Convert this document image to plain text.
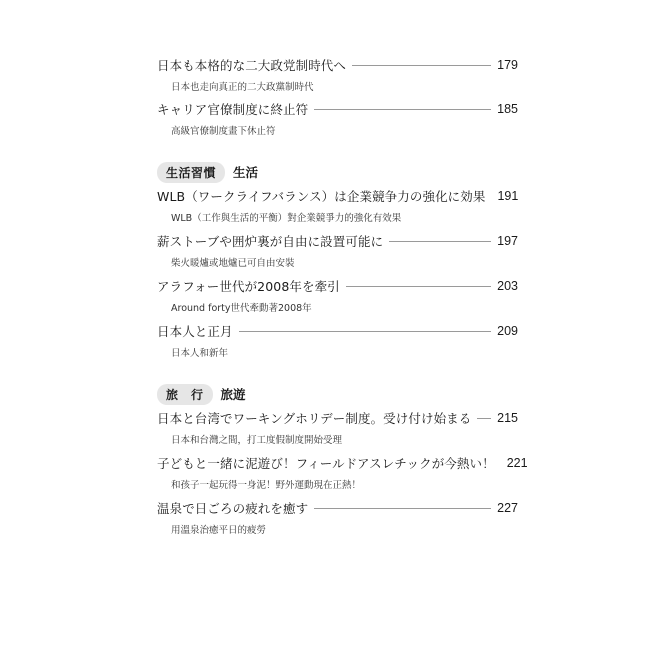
日本も本格的な二大政党制時代へ	179
日本也走向真正的二大政黨制時代
キャリア官僚制度に終止符	185
高級官僚制度畫下休止符
生活習慣	生活
WLB（ワークライフバランス）は企業競争力の強化に効果 191
WLB（工作與生活的平衡）對企業競爭力的強化有效果
薪ストーブや囲炉裏が自由に設置可能に	197
柴火暖爐或地爐已可自由安裝
アラフォー世代が2008年を牽引	203
Around forty世代牽動著2008年
日本人と正月	209
日本人和新年
旅　行	旅遊
日本と台湾でワーキングホリデー制度。受け付け始まる 215
日本和台灣之間，打工度假制度開始受理
子どもと一緒に泥遊び！フィールドアスレチックが今熱い！ 221
和孩子一起玩得一身泥！野外運動現在正熱！
温泉で日ごろの疲れを癒す	227
用溫泉治癒平日的疲勞
